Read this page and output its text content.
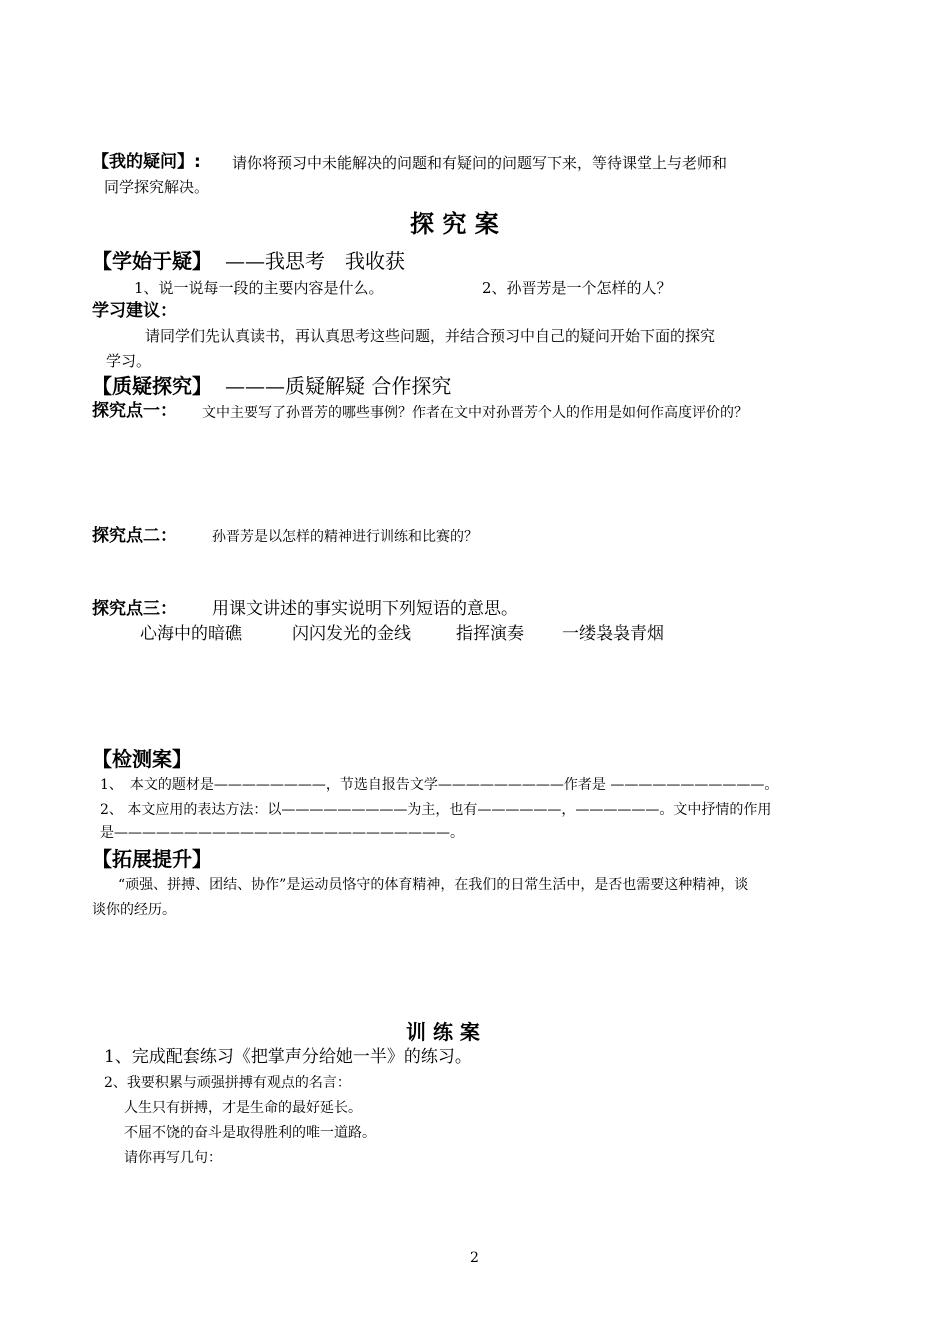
【我的疑问】: 请你将预习中未能解决的问题和有疑问的问题写下来，等待课堂上与老师和
同学探究解决。
探 究 案
【学始于疑】 ——我思考　我收获
1、说一说每一段的主要内容是什么。	2、孙晋芳是一个怎样的人？
学习建议：
请同学们先认真读书，再认真思考这些问题，并结合预习中自己的疑问开始下面的探究
学习。
【质疑探究】 ———质疑解疑 合作探究
探究点一： 文中主要写了孙晋芳的哪些事例？作者在文中对孙晋芳个人的作用是如何作高度评价的？
探究点二：	孙晋芳是以怎样的精神进行训练和比赛的？
探究点三： 用课文讲述的事实说明下列短语的意思。
心海中的暗礁	闪闪发光的金线	指挥演奏 一缕袅袅青烟
【检测案】
1、　本文的题材是————————，节选自报告文学—————————作者是 ———————————。
2、 本文应用的表达方法：以—————————为主，也有——————，——————。文中抒情的作用
是————————————————————————。
【拓展提升】
“顽强、拼搏、团结、协作”是运动员恪守的体育精神，在我们的日常生活中，是否也需要这种精神，谈
谈你的经历。
训 练 案
1、完成配套练习《把掌声分给她一半》的练习。
2、我要积累与顽强拼搏有观点的名言：
人生只有拼搏，才是生命的最好延长。
不屈不饶的奋斗是取得胜利的唯一道路。
请你再写几句：
2
